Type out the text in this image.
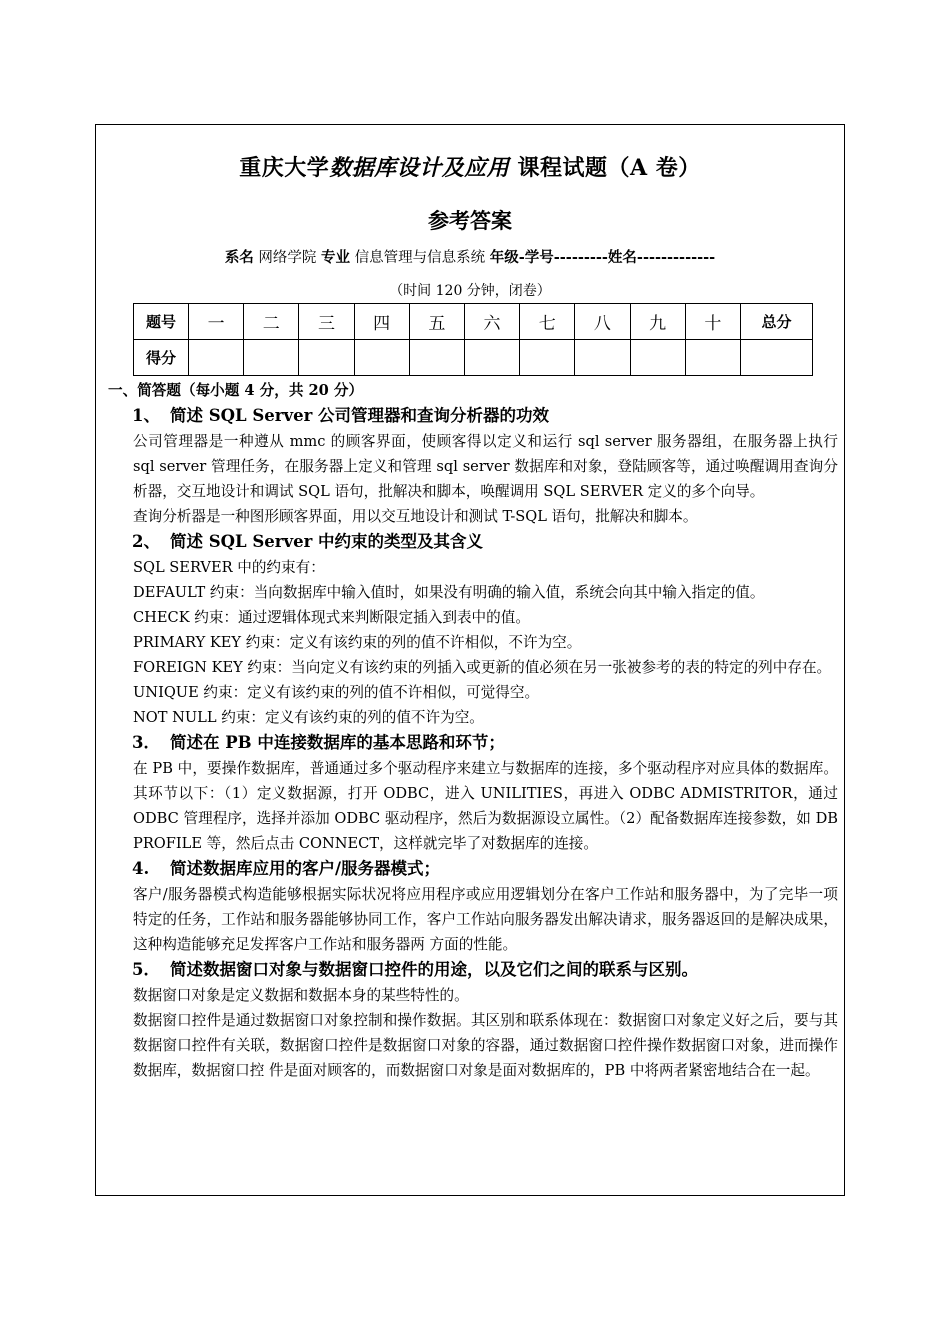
重庆大学数据库设计及应用 课程试题（A 卷）
参考答案
系名 网络学院 专业 信息管理与信息系统 年级-学号---------姓名-------------
（时间 120 分钟，闭卷）
题号	一	二	三	四	五	六	七	八	九	十	总分
得分											
一、简答题（每小题 4 分，共 20 分）
1、 简述 SQL Server 公司管理器和查询分析器的功效
公司管理器是一种遵从 mmc 的顾客界面，使顾客得以定义和运行 sql server 服务器组，在服务器上执行 sql server 管理任务，在服务器上定义和管理 sql server 数据库和对象，登陆顾客等，通过唤醒调用查询分析器，交互地设计和调试 SQL 语句，批解决和脚本，唤醒调用 SQL SERVER 定义的多个向导。
查询分析器是一种图形顾客界面，用以交互地设计和测试 T-SQL 语句，批解决和脚本。
2、 简述 SQL Server 中约束的类型及其含义
SQL SERVER 中的约束有：
DEFAULT 约束：当向数据库中输入值时，如果没有明确的输入值，系统会向其中输入指定的值。
CHECK 约束：通过逻辑体现式来判断限定插入到表中的值。
PRIMARY KEY 约束：定义有该约束的列的值不许相似，不许为空。
FOREIGN KEY 约束：当向定义有该约束的列插入或更新的值必须在另一张被参考的表的特定的列中存在。
UNIQUE 约束：定义有该约束的列的值不许相似，可觉得空。
NOT NULL 约束：定义有该约束的列的值不许为空。
3． 简述在 PB 中连接数据库的基本思路和环节；
在 PB 中，要操作数据库，普通通过多个驱动程序来建立与数据库的连接，多个驱动程序对应具体的数据库。其环节以下：（1）定义数据源，打开 ODBC，进入 UNILITIES，再进入 ODBC ADMISTRITOR，通过 ODBC 管理程序，选择并添加 ODBC 驱动程序，然后为数据源设立属性。（2）配备数据库连接参数，如 DB PROFILE 等，然后点击 CONNECT，这样就完毕了对数据库的连接。
4. 简述数据库应用的客户/服务器模式；
客户/服务器模式构造能够根据实际状况将应用程序或应用逻辑划分在客户工作站和服务器中，为了完毕一项特定的任务，工作站和服务器能够协同工作，客户工作站向服务器发出解决请求，服务器返回的是解决成果，这种构造能够充足发挥客户工作站和服务器两 方面的性能。
5． 简述数据窗口对象与数据窗口控件的用途，以及它们之间的联系与区别。
数据窗口对象是定义数据和数据本身的某些特性的。
数据窗口控件是通过数据窗口对象控制和操作数据。其区别和联系体现在：数据窗口对象定义好之后，要与其数据窗口控件有关联，数据窗口控件是数据窗口对象的容器，通过数据窗口控件操作数据窗口对象，进而操作数据库，数据窗口控 件是面对顾客的，而数据窗口对象是面对数据库的，PB 中将两者紧密地结合在一起。
